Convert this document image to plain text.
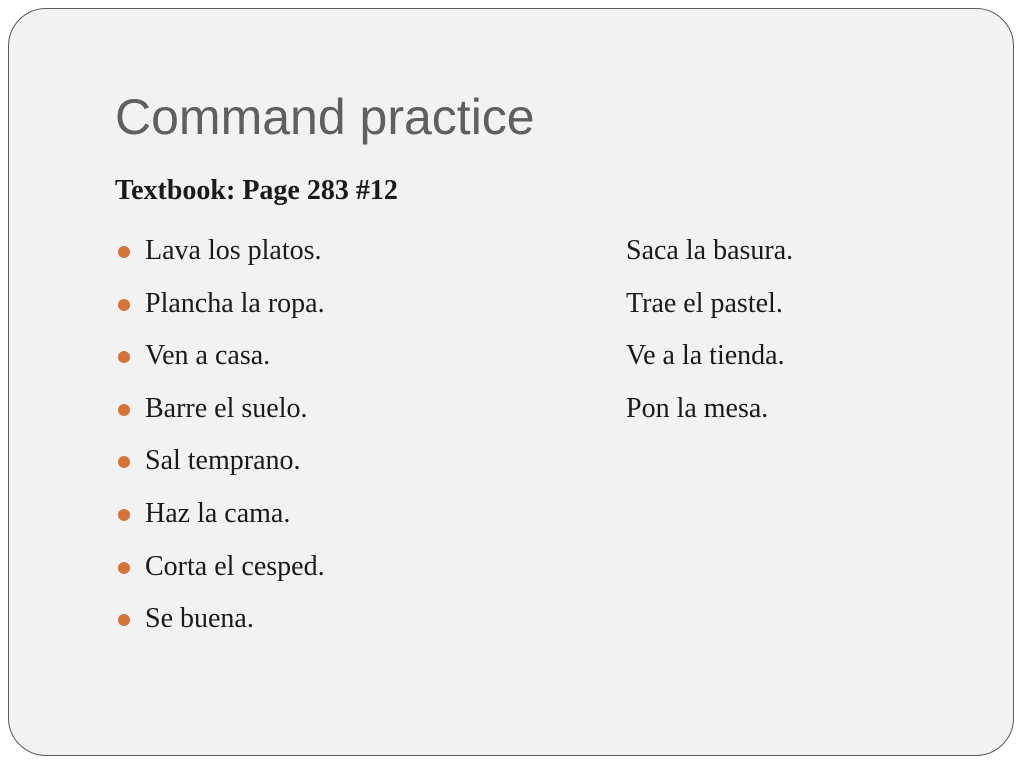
Command practice
Textbook: Page 283 #12
Lava los platos.
Plancha la ropa.
Ven a casa.
Barre el suelo.
Sal temprano.
Haz la cama.
Corta el cesped.
Se buena.
Saca la basura.
Trae el pastel.
Ve a la tienda.
Pon la mesa.
